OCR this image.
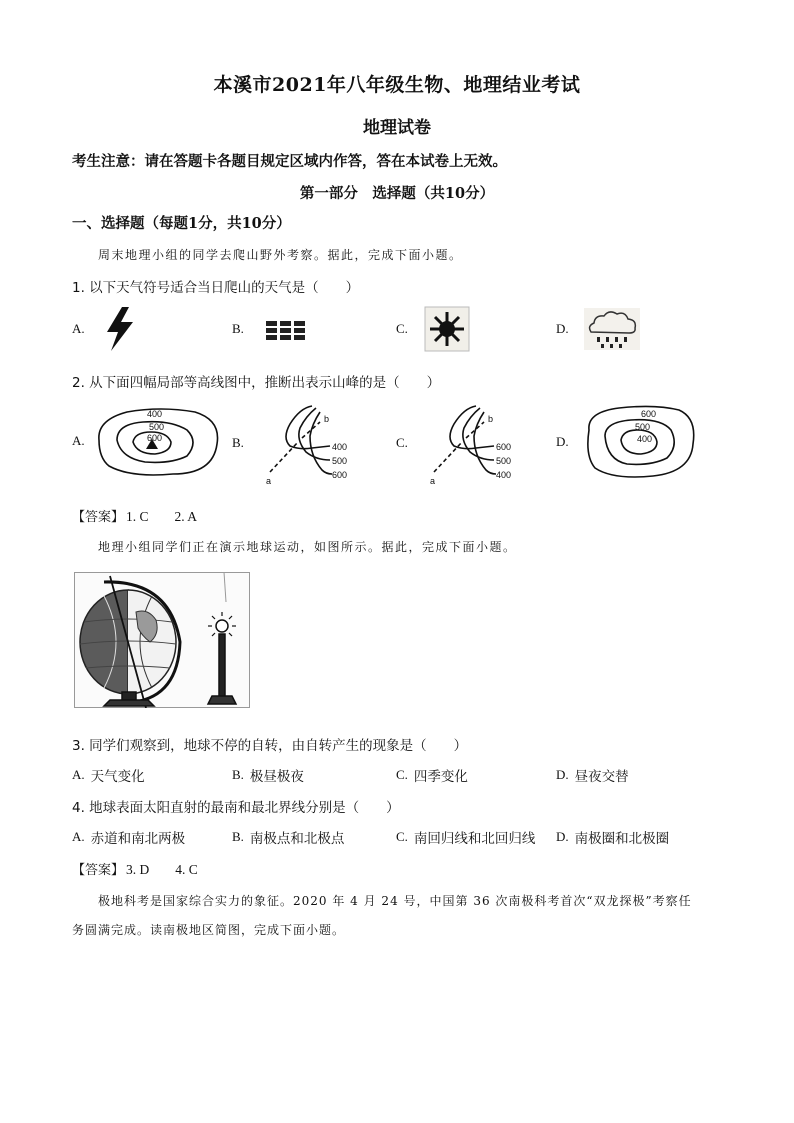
本溪市2021年八年级生物、地理结业考试
地理试卷
考生注意：请在答题卡各题目规定区域内作答，答在本试卷上无效。
第一部分　选择题（共10分）
一、选择题（每题1分，共10分）
周末地理小组的同学去爬山野外考察。据此，完成下面小题。
1. 以下天气符号适合当日爬山的天气是（　　）
A.	B.	C.	D.
2. 从下面四幅局部等高线图中，推断出表示山峰的是（　　）
A.
400
500
600	B.	400
500
600
a
b
C.	600
500
400
a
b
D.
600
500
400
【答案】 1. C 2. A
地理小组同学们正在演示地球运动，如图所示。据此，完成下面小题。
3. 同学们观察到，地球不停的自转，由自转产生的现象是（　　）
A. 天气变化	B. 极昼极夜	C. 四季变化	D. 昼夜交替
4. 地球表面太阳直射的最南和最北界线分别是（　　）
A. 赤道和南北两极	B. 南极点和北极点	C. 南回归线和北回归线 D. 南极圈和北极圈
【答案】 3. D 4. C
极地科考是国家综合实力的象征。2020 年 4 月 24 号，中国第 36 次南极科考首次“双龙探极”考察任
务圆满完成。读南极地区简图，完成下面小题。
